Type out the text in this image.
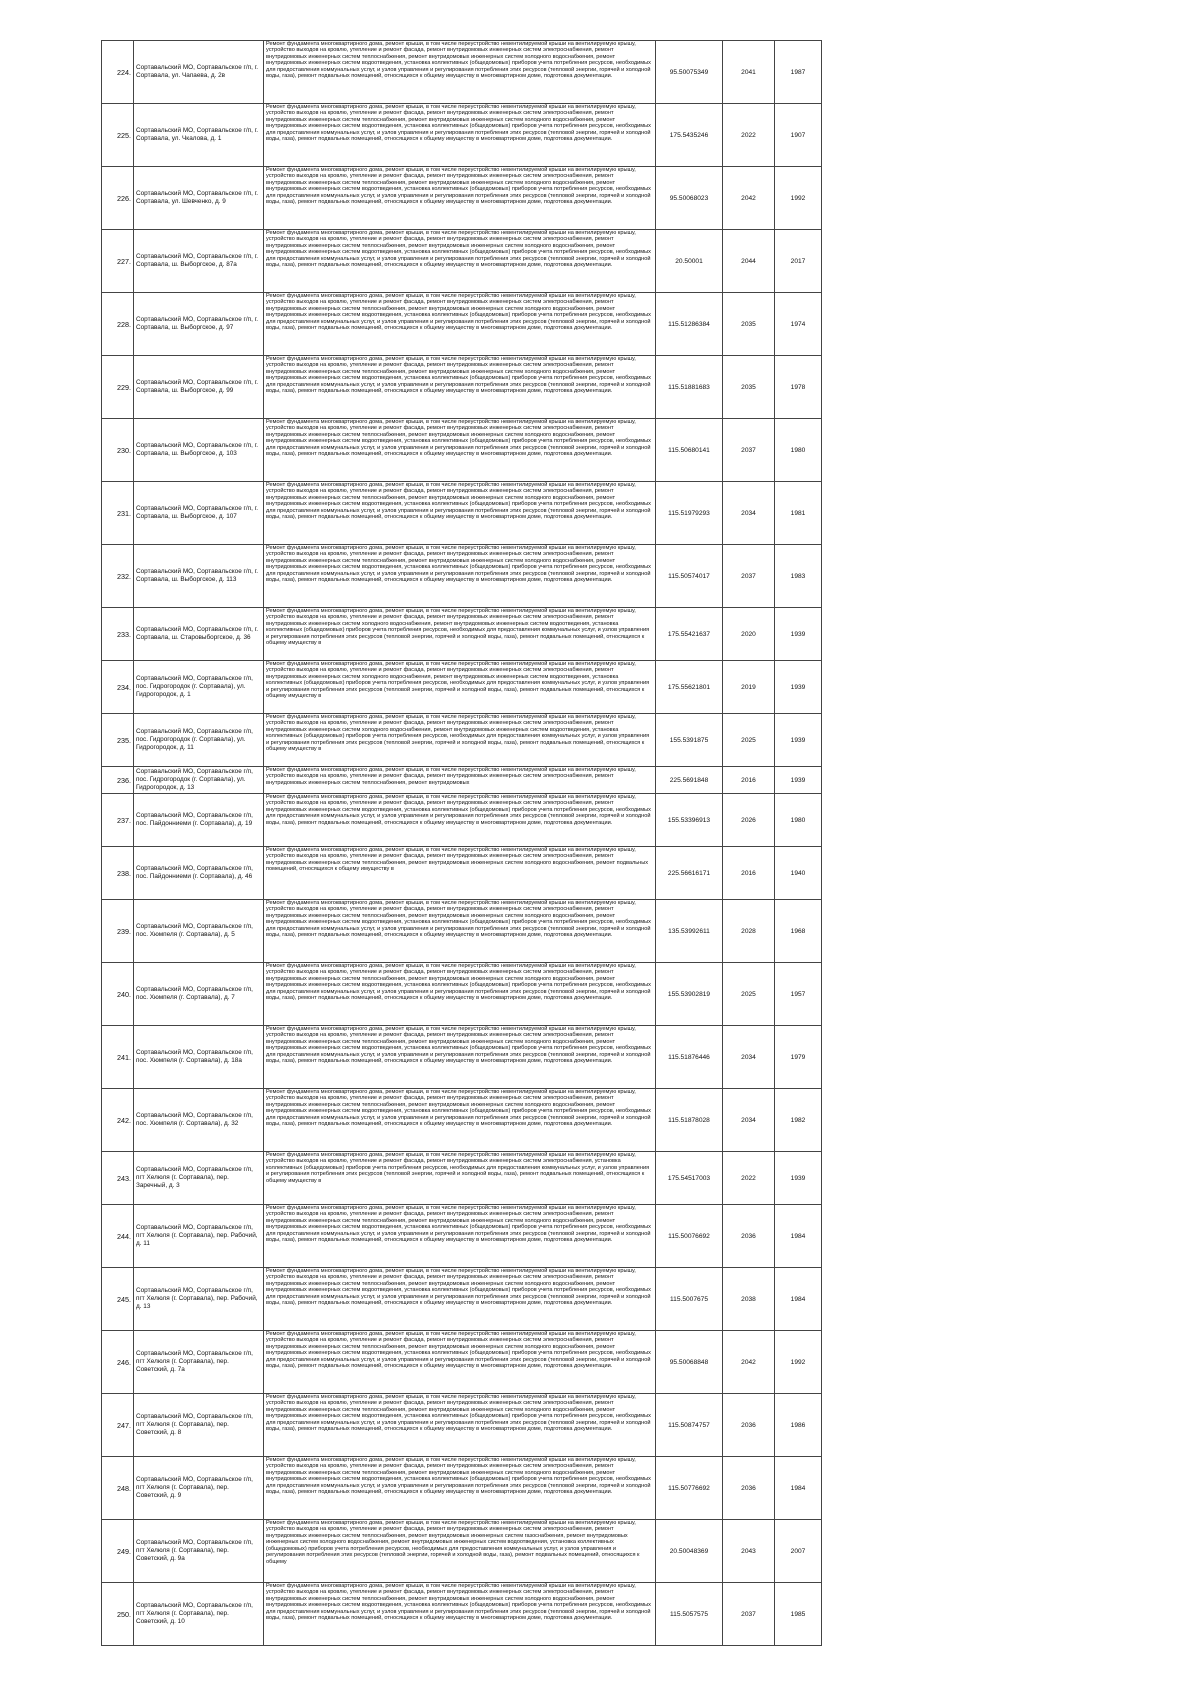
224.	Сортавальский МО, Сортавальское г/п, г. Сортавала, ул. Чапаева, д. 2в	Ремонт фундамента многоквартирного дома, ремонт крыши, в том числе переустройство невентилируемой крыши на вентилируемую крышу, устройство выходов на кровлю, утепление и ремонт фасада, ремонт внутридомовых инженерных систем электроснабжения, ремонт внутридомовых инженерных систем теплоснабжения, ремонт внутридомовых инженерных систем холодного водоснабжения, ремонт внутридомовых инженерных систем водоотведения, установка коллективных (общедомовых) приборов учета потребления ресурсов, необходимых для предоставления коммунальных услуг, и узлов управления и регулирования потребления этих ресурсов (тепловой энергии, горячей и холодной воды, газа), ремонт подвальных помещений, относящихся к общему имуществу в многоквартирном доме, подготовка документации.	95.50075349	2041	1987
225.	Сортавальский МО, Сортавальское г/п, г. Сортавала, ул. Чкалова, д. 1	Ремонт фундамента многоквартирного дома, ремонт крыши, в том числе переустройство невентилируемой крыши на вентилируемую крышу, устройство выходов на кровлю, утепление и ремонт фасада, ремонт внутридомовых инженерных систем электроснабжения, ремонт внутридомовых инженерных систем теплоснабжения, ремонт внутридомовых инженерных систем холодного водоснабжения, ремонт внутридомовых инженерных систем водоотведения, установка коллективных (общедомовых) приборов учета потребления ресурсов, необходимых для предоставления коммунальных услуг, и узлов управления и регулирования потребления этих ресурсов (тепловой энергии, горячей и холодной воды, газа), ремонт подвальных помещений, относящихся к общему имуществу в многоквартирном доме, подготовка документации.	175.5435246	2022	1907
226.	Сортавальский МО, Сортавальское г/п, г. Сортавала, ул. Шевченко, д. 9	Ремонт фундамента многоквартирного дома, ремонт крыши, в том числе переустройство невентилируемой крыши на вентилируемую крышу, устройство выходов на кровлю, утепление и ремонт фасада, ремонт внутридомовых инженерных систем электроснабжения, ремонт внутридомовых инженерных систем теплоснабжения, ремонт внутридомовых инженерных систем холодного водоснабжения, ремонт внутридомовых инженерных систем водоотведения, установка коллективных (общедомовых) приборов учета потребления ресурсов, необходимых для предоставления коммунальных услуг, и узлов управления и регулирования потребления этих ресурсов (тепловой энергии, горячей и холодной воды, газа), ремонт подвальных помещений, относящихся к общему имуществу в многоквартирном доме, подготовка документации.	95.50068023	2042	1992
227.	Сортавальский МО, Сортавальское г/п, г. Сортавала, ш. Выборгское, д. 87а	Ремонт фундамента многоквартирного дома, ремонт крыши, в том числе переустройство невентилируемой крыши на вентилируемую крышу, устройство выходов на кровлю, утепление и ремонт фасада, ремонт внутридомовых инженерных систем электроснабжения, ремонт внутридомовых инженерных систем теплоснабжения, ремонт внутридомовых инженерных систем холодного водоснабжения, ремонт внутридомовых инженерных систем водоотведения, установка коллективных (общедомовых) приборов учета потребления ресурсов, необходимых для предоставления коммунальных услуг, и узлов управления и регулирования потребления этих ресурсов (тепловой энергии, горячей и холодной воды, газа), ремонт подвальных помещений, относящихся к общему имуществу в многоквартирном доме, подготовка документации.	20.50001	2044	2017
228.	Сортавальский МО, Сортавальское г/п, г. Сортавала, ш. Выборгское, д. 97	Ремонт фундамента многоквартирного дома, ремонт крыши, в том числе переустройство невентилируемой крыши на вентилируемую крышу, устройство выходов на кровлю, утепление и ремонт фасада, ремонт внутридомовых инженерных систем электроснабжения, ремонт внутридомовых инженерных систем теплоснабжения, ремонт внутридомовых инженерных систем холодного водоснабжения, ремонт внутридомовых инженерных систем водоотведения, установка коллективных (общедомовых) приборов учета потребления ресурсов, необходимых для предоставления коммунальных услуг, и узлов управления и регулирования потребления этих ресурсов (тепловой энергии, горячей и холодной воды, газа), ремонт подвальных помещений, относящихся к общему имуществу в многоквартирном доме, подготовка документации.	115.51286384	2035	1974
229.	Сортавальский МО, Сортавальское г/п, г. Сортавала, ш. Выборгское, д. 99	Ремонт фундамента многоквартирного дома, ремонт крыши, в том числе переустройство невентилируемой крыши на вентилируемую крышу, устройство выходов на кровлю, утепление и ремонт фасада, ремонт внутридомовых инженерных систем электроснабжения, ремонт внутридомовых инженерных систем теплоснабжения, ремонт внутридомовых инженерных систем холодного водоснабжения, ремонт внутридомовых инженерных систем водоотведения, установка коллективных (общедомовых) приборов учета потребления ресурсов, необходимых для предоставления коммунальных услуг, и узлов управления и регулирования потребления этих ресурсов (тепловой энергии, горячей и холодной воды, газа), ремонт подвальных помещений, относящихся к общему имуществу в многоквартирном доме, подготовка документации.	115.51881683	2035	1978
230.	Сортавальский МО, Сортавальское г/п, г. Сортавала, ш. Выборгское, д. 103	Ремонт фундамента многоквартирного дома, ремонт крыши, в том числе переустройство невентилируемой крыши на вентилируемую крышу, устройство выходов на кровлю, утепление и ремонт фасада, ремонт внутридомовых инженерных систем электроснабжения, ремонт внутридомовых инженерных систем теплоснабжения, ремонт внутридомовых инженерных систем холодного водоснабжения, ремонт внутридомовых инженерных систем водоотведения, установка коллективных (общедомовых) приборов учета потребления ресурсов, необходимых для предоставления коммунальных услуг, и узлов управления и регулирования потребления этих ресурсов (тепловой энергии, горячей и холодной воды, газа), ремонт подвальных помещений, относящихся к общему имуществу в многоквартирном доме, подготовка документации.	115.50680141	2037	1980
231.	Сортавальский МО, Сортавальское г/п, г. Сортавала, ш. Выборгское, д. 107	Ремонт фундамента многоквартирного дома, ремонт крыши, в том числе переустройство невентилируемой крыши на вентилируемую крышу, устройство выходов на кровлю, утепление и ремонт фасада, ремонт внутридомовых инженерных систем электроснабжения, ремонт внутридомовых инженерных систем теплоснабжения, ремонт внутридомовых инженерных систем холодного водоснабжения, ремонт внутридомовых инженерных систем водоотведения, установка коллективных (общедомовых) приборов учета потребления ресурсов, необходимых для предоставления коммунальных услуг, и узлов управления и регулирования потребления этих ресурсов (тепловой энергии, горячей и холодной воды, газа), ремонт подвальных помещений, относящихся к общему имуществу в многоквартирном доме, подготовка документации.	115.51979293	2034	1981
232.	Сортавальский МО, Сортавальское г/п, г. Сортавала, ш. Выборгское, д. 113	Ремонт фундамента многоквартирного дома, ремонт крыши, в том числе переустройство невентилируемой крыши на вентилируемую крышу, устройство выходов на кровлю, утепление и ремонт фасада, ремонт внутридомовых инженерных систем электроснабжения, ремонт внутридомовых инженерных систем теплоснабжения, ремонт внутридомовых инженерных систем холодного водоснабжения, ремонт внутридомовых инженерных систем водоотведения, установка коллективных (общедомовых) приборов учета потребления ресурсов, необходимых для предоставления коммунальных услуг, и узлов управления и регулирования потребления этих ресурсов (тепловой энергии, горячей и холодной воды, газа), ремонт подвальных помещений, относящихся к общему имуществу в многоквартирном доме, подготовка документации.	115.50574017	2037	1983
233.	Сортавальский МО, Сортавальское г/п, г. Сортавала, ш. Старовыборгское, д. 36	Ремонт фундамента многоквартирного дома, ремонт крыши, в том числе переустройство невентилируемой крыши на вентилируемую крышу, устройство выходов на кровлю, утепление и ремонт фасада, ремонт внутридомовых инженерных систем электроснабжения, ремонт внутридомовых инженерных систем холодного водоснабжения, ремонт внутридомовых инженерных систем водоотведения, установка коллективных (общедомовых) приборов учета потребления ресурсов, необходимых для предоставления коммунальных услуг, и узлов управления и регулирования потребления этих ресурсов (тепловой энергии, горячей и холодной воды, газа), ремонт подвальных помещений, относящихся к общему имуществу в	175.55421637	2020	1939
234.	Сортавальский МО, Сортавальское г/п, пос. Гидрогородок (г. Сортавала), ул. Гидрогородок, д. 1	Ремонт фундамента многоквартирного дома, ремонт крыши, в том числе переустройство невентилируемой крыши на вентилируемую крышу, устройство выходов на кровлю, утепление и ремонт фасада, ремонт внутридомовых инженерных систем электроснабжения, ремонт внутридомовых инженерных систем холодного водоснабжения, ремонт внутридомовых инженерных систем водоотведения, установка коллективных (общедомовых) приборов учета потребления ресурсов, необходимых для предоставления коммунальных услуг, и узлов управления и регулирования потребления этих ресурсов (тепловой энергии, горячей и холодной воды, газа), ремонт подвальных помещений, относящихся к общему имуществу в	175.55621801	2019	1939
235.	Сортавальский МО, Сортавальское г/п, пос. Гидрогородок (г. Сортавала), ул. Гидрогородок, д. 11	Ремонт фундамента многоквартирного дома, ремонт крыши, в том числе переустройство невентилируемой крыши на вентилируемую крышу, устройство выходов на кровлю, утепление и ремонт фасада, ремонт внутридомовых инженерных систем электроснабжения, ремонт внутридомовых инженерных систем холодного водоснабжения, ремонт внутридомовых инженерных систем водоотведения, установка коллективных (общедомовых) приборов учета потребления ресурсов, необходимых для предоставления коммунальных услуг, и узлов управления и регулирования потребления этих ресурсов (тепловой энергии, горячей и холодной воды, газа), ремонт подвальных помещений, относящихся к общему имуществу в	155.5391875	2025	1939
236.	Сортавальский МО, Сортавальское г/п, пос. Гидрогородок (г. Сортавала), ул. Гидрогородок, д. 13	Ремонт фундамента многоквартирного дома, ремонт крыши, в том числе переустройство невентилируемой крыши на вентилируемую крышу, устройство выходов на кровлю, утепление и ремонт фасада, ремонт внутридомовых инженерных систем электроснабжения, ремонт внутридомовых инженерных систем теплоснабжения, ремонт внутридомовых	225.5691848	2016	1939
237.	Сортавальский МО, Сортавальское г/п, пос. Пайдонниеми (г. Сортавала), д. 19	Ремонт фундамента многоквартирного дома, ремонт крыши, в том числе переустройство невентилируемой крыши на вентилируемую крышу, устройство выходов на кровлю, утепление и ремонт фасада, ремонт внутридомовых инженерных систем электроснабжения, ремонт внутридомовых инженерных систем водоотведения, установка коллективных (общедомовых) приборов учета потребления ресурсов, необходимых для предоставления коммунальных услуг, и узлов управления и регулирования потребления этих ресурсов (тепловой энергии, горячей и холодной воды, газа), ремонт подвальных помещений, относящихся к общему имуществу в многоквартирном доме, подготовка документации.	155.53396913	2026	1980
238.	Сортавальский МО, Сортавальское г/п, пос. Пайдонниеми (г. Сортавала), д. 46	Ремонт фундамента многоквартирного дома, ремонт крыши, в том числе переустройство невентилируемой крыши на вентилируемую крышу, устройство выходов на кровлю, утепление и ремонт фасада, ремонт внутридомовых инженерных систем электроснабжения, ремонт внутридомовых инженерных систем теплоснабжения, ремонт внутридомовых инженерных систем холодного водоснабжения, ремонт подвальных помещений, относящихся к общему имуществу в	225.56616171	2016	1940
239.	Сортавальский МО, Сортавальское г/п, пос. Хюмпеля (г. Сортавала), д. 5	Ремонт фундамента многоквартирного дома, ремонт крыши, в том числе переустройство невентилируемой крыши на вентилируемую крышу, устройство выходов на кровлю, утепление и ремонт фасада, ремонт внутридомовых инженерных систем электроснабжения, ремонт внутридомовых инженерных систем теплоснабжения, ремонт внутридомовых инженерных систем холодного водоснабжения, ремонт внутридомовых инженерных систем водоотведения, установка коллективных (общедомовых) приборов учета потребления ресурсов, необходимых для предоставления коммунальных услуг, и узлов управления и регулирования потребления этих ресурсов (тепловой энергии, горячей и холодной воды, газа), ремонт подвальных помещений, относящихся к общему имуществу в многоквартирном доме, подготовка документации.	135.53992611	2028	1968
240.	Сортавальский МО, Сортавальское г/п, пос. Хюмпеля (г. Сортавала), д. 7	Ремонт фундамента многоквартирного дома, ремонт крыши, в том числе переустройство невентилируемой крыши на вентилируемую крышу, устройство выходов на кровлю, утепление и ремонт фасада, ремонт внутридомовых инженерных систем электроснабжения, ремонт внутридомовых инженерных систем теплоснабжения, ремонт внутридомовых инженерных систем холодного водоснабжения, ремонт внутридомовых инженерных систем водоотведения, установка коллективных (общедомовых) приборов учета потребления ресурсов, необходимых для предоставления коммунальных услуг, и узлов управления и регулирования потребления этих ресурсов (тепловой энергии, горячей и холодной воды, газа), ремонт подвальных помещений, относящихся к общему имуществу в многоквартирном доме, подготовка документации.	155.53902819	2025	1957
241.	Сортавальский МО, Сортавальское г/п, пос. Хюмпеля (г. Сортавала), д. 18а	Ремонт фундамента многоквартирного дома, ремонт крыши, в том числе переустройство невентилируемой крыши на вентилируемую крышу, устройство выходов на кровлю, утепление и ремонт фасада, ремонт внутридомовых инженерных систем электроснабжения, ремонт внутридомовых инженерных систем теплоснабжения, ремонт внутридомовых инженерных систем холодного водоснабжения, ремонт внутридомовых инженерных систем водоотведения, установка коллективных (общедомовых) приборов учета потребления ресурсов, необходимых для предоставления коммунальных услуг, и узлов управления и регулирования потребления этих ресурсов (тепловой энергии, горячей и холодной воды, газа), ремонт подвальных помещений, относящихся к общему имуществу в многоквартирном доме, подготовка документации.	115.51876446	2034	1979
242.	Сортавальский МО, Сортавальское г/п, пос. Хюмпеля (г. Сортавала), д. 32	Ремонт фундамента многоквартирного дома, ремонт крыши, в том числе переустройство невентилируемой крыши на вентилируемую крышу, устройство выходов на кровлю, утепление и ремонт фасада, ремонт внутридомовых инженерных систем электроснабжения, ремонт внутридомовых инженерных систем теплоснабжения, ремонт внутридомовых инженерных систем холодного водоснабжения, ремонт внутридомовых инженерных систем водоотведения, установка коллективных (общедомовых) приборов учета потребления ресурсов, необходимых для предоставления коммунальных услуг, и узлов управления и регулирования потребления этих ресурсов (тепловой энергии, горячей и холодной воды, газа), ремонт подвальных помещений, относящихся к общему имуществу в многоквартирном доме, подготовка документации.	115.51878028	2034	1982
243.	Сортавальский МО, Сортавальское г/п, пгт Хелюля (г. Сортавала), пер. Заречный, д. 3	Ремонт фундамента многоквартирного дома, ремонт крыши, в том числе переустройство невентилируемой крыши на вентилируемую крышу, устройство выходов на кровлю, утепление и ремонт фасада, ремонт внутридомовых инженерных систем электроснабжения, установка коллективных (общедомовых) приборов учета потребления ресурсов, необходимых для предоставления коммунальных услуг, и узлов управления и регулирования потребления этих ресурсов (тепловой энергии, горячей и холодной воды, газа), ремонт подвальных помещений, относящихся к общему имуществу в	175.54517003	2022	1939
244.	Сортавальский МО, Сортавальское г/п, пгт Хелюля (г. Сортавала), пер. Рабочий, д. 11	Ремонт фундамента многоквартирного дома, ремонт крыши, в том числе переустройство невентилируемой крыши на вентилируемую крышу, устройство выходов на кровлю, утепление и ремонт фасада, ремонт внутридомовых инженерных систем электроснабжения, ремонт внутридомовых инженерных систем теплоснабжения, ремонт внутридомовых инженерных систем холодного водоснабжения, ремонт внутридомовых инженерных систем водоотведения, установка коллективных (общедомовых) приборов учета потребления ресурсов, необходимых для предоставления коммунальных услуг, и узлов управления и регулирования потребления этих ресурсов (тепловой энергии, горячей и холодной воды, газа), ремонт подвальных помещений, относящихся к общему имуществу в многоквартирном доме, подготовка документации.	115.50076692	2036	1984
245.	Сортавальский МО, Сортавальское г/п, пгт Хелюля (г. Сортавала), пер. Рабочий, д. 13	Ремонт фундамента многоквартирного дома, ремонт крыши, в том числе переустройство невентилируемой крыши на вентилируемую крышу, устройство выходов на кровлю, утепление и ремонт фасада, ремонт внутридомовых инженерных систем электроснабжения, ремонт внутридомовых инженерных систем теплоснабжения, ремонт внутридомовых инженерных систем холодного водоснабжения, ремонт внутридомовых инженерных систем водоотведения, установка коллективных (общедомовых) приборов учета потребления ресурсов, необходимых для предоставления коммунальных услуг, и узлов управления и регулирования потребления этих ресурсов (тепловой энергии, горячей и холодной воды, газа), ремонт подвальных помещений, относящихся к общему имуществу в многоквартирном доме, подготовка документации.	115.5007675	2038	1984
246.	Сортавальский МО, Сортавальское г/п, пгт Хелюля (г. Сортавала), пер. Советский, д. 7а	Ремонт фундамента многоквартирного дома, ремонт крыши, в том числе переустройство невентилируемой крыши на вентилируемую крышу, устройство выходов на кровлю, утепление и ремонт фасада, ремонт внутридомовых инженерных систем электроснабжения, ремонт внутридомовых инженерных систем теплоснабжения, ремонт внутридомовых инженерных систем холодного водоснабжения, ремонт внутридомовых инженерных систем водоотведения, установка коллективных (общедомовых) приборов учета потребления ресурсов, необходимых для предоставления коммунальных услуг, и узлов управления и регулирования потребления этих ресурсов (тепловой энергии, горячей и холодной воды, газа), ремонт подвальных помещений, относящихся к общему имуществу в многоквартирном доме, подготовка документации.	95.50068848	2042	1992
247.	Сортавальский МО, Сортавальское г/п, пгт Хелюля (г. Сортавала), пер. Советский, д. 8	Ремонт фундамента многоквартирного дома, ремонт крыши, в том числе переустройство невентилируемой крыши на вентилируемую крышу, устройство выходов на кровлю, утепление и ремонт фасада, ремонт внутридомовых инженерных систем электроснабжения, ремонт внутридомовых инженерных систем теплоснабжения, ремонт внутридомовых инженерных систем холодного водоснабжения, ремонт внутридомовых инженерных систем водоотведения, установка коллективных (общедомовых) приборов учета потребления ресурсов, необходимых для предоставления коммунальных услуг, и узлов управления и регулирования потребления этих ресурсов (тепловой энергии, горячей и холодной воды, газа), ремонт подвальных помещений, относящихся к общему имуществу в многоквартирном доме, подготовка документации.	115.50874757	2036	1986
248.	Сортавальский МО, Сортавальское г/п, пгт Хелюля (г. Сортавала), пер. Советский, д. 9	Ремонт фундамента многоквартирного дома, ремонт крыши, в том числе переустройство невентилируемой крыши на вентилируемую крышу, устройство выходов на кровлю, утепление и ремонт фасада, ремонт внутридомовых инженерных систем электроснабжения, ремонт внутридомовых инженерных систем теплоснабжения, ремонт внутридомовых инженерных систем холодного водоснабжения, ремонт внутридомовых инженерных систем водоотведения, установка коллективных (общедомовых) приборов учета потребления ресурсов, необходимых для предоставления коммунальных услуг, и узлов управления и регулирования потребления этих ресурсов (тепловой энергии, горячей и холодной воды, газа), ремонт подвальных помещений, относящихся к общему имуществу в многоквартирном доме, подготовка документации.	115.50776692	2036	1984
249.	Сортавальский МО, Сортавальское г/п, пгт Хелюля (г. Сортавала), пер. Советский, д. 9а	Ремонт фундамента многоквартирного дома, ремонт крыши, в том числе переустройство невентилируемой крыши на вентилируемую крышу, устройство выходов на кровлю, утепление и ремонт фасада, ремонт внутридомовых инженерных систем электроснабжения, ремонт внутридомовых инженерных систем теплоснабжения, ремонт внутридомовых инженерных систем газоснабжения, ремонт внутридомовых инженерных систем холодного водоснабжения, ремонт внутридомовых инженерных систем водоотведения, установка коллективных (общедомовых) приборов учета потребления ресурсов, необходимых для предоставления коммунальных услуг, и узлов управления и регулирования потребления этих ресурсов (тепловой энергии, горячей и холодной воды, газа), ремонт подвальных помещений, относящихся к общему	20.50048369	2043	2007
250.	Сортавальский МО, Сортавальское г/п, пгт Хелюля (г. Сортавала), пер. Советский, д. 10	Ремонт фундамента многоквартирного дома, ремонт крыши, в том числе переустройство невентилируемой крыши на вентилируемую крышу, устройство выходов на кровлю, утепление и ремонт фасада, ремонт внутридомовых инженерных систем электроснабжения, ремонт внутридомовых инженерных систем теплоснабжения, ремонт внутридомовых инженерных систем холодного водоснабжения, ремонт внутридомовых инженерных систем водоотведения, установка коллективных (общедомовых) приборов учета потребления ресурсов, необходимых для предоставления коммунальных услуг, и узлов управления и регулирования потребления этих ресурсов (тепловой энергии, горячей и холодной воды, газа), ремонт подвальных помещений, относящихся к общему имуществу в многоквартирном доме, подготовка документации.	115.5057575	2037	1985
